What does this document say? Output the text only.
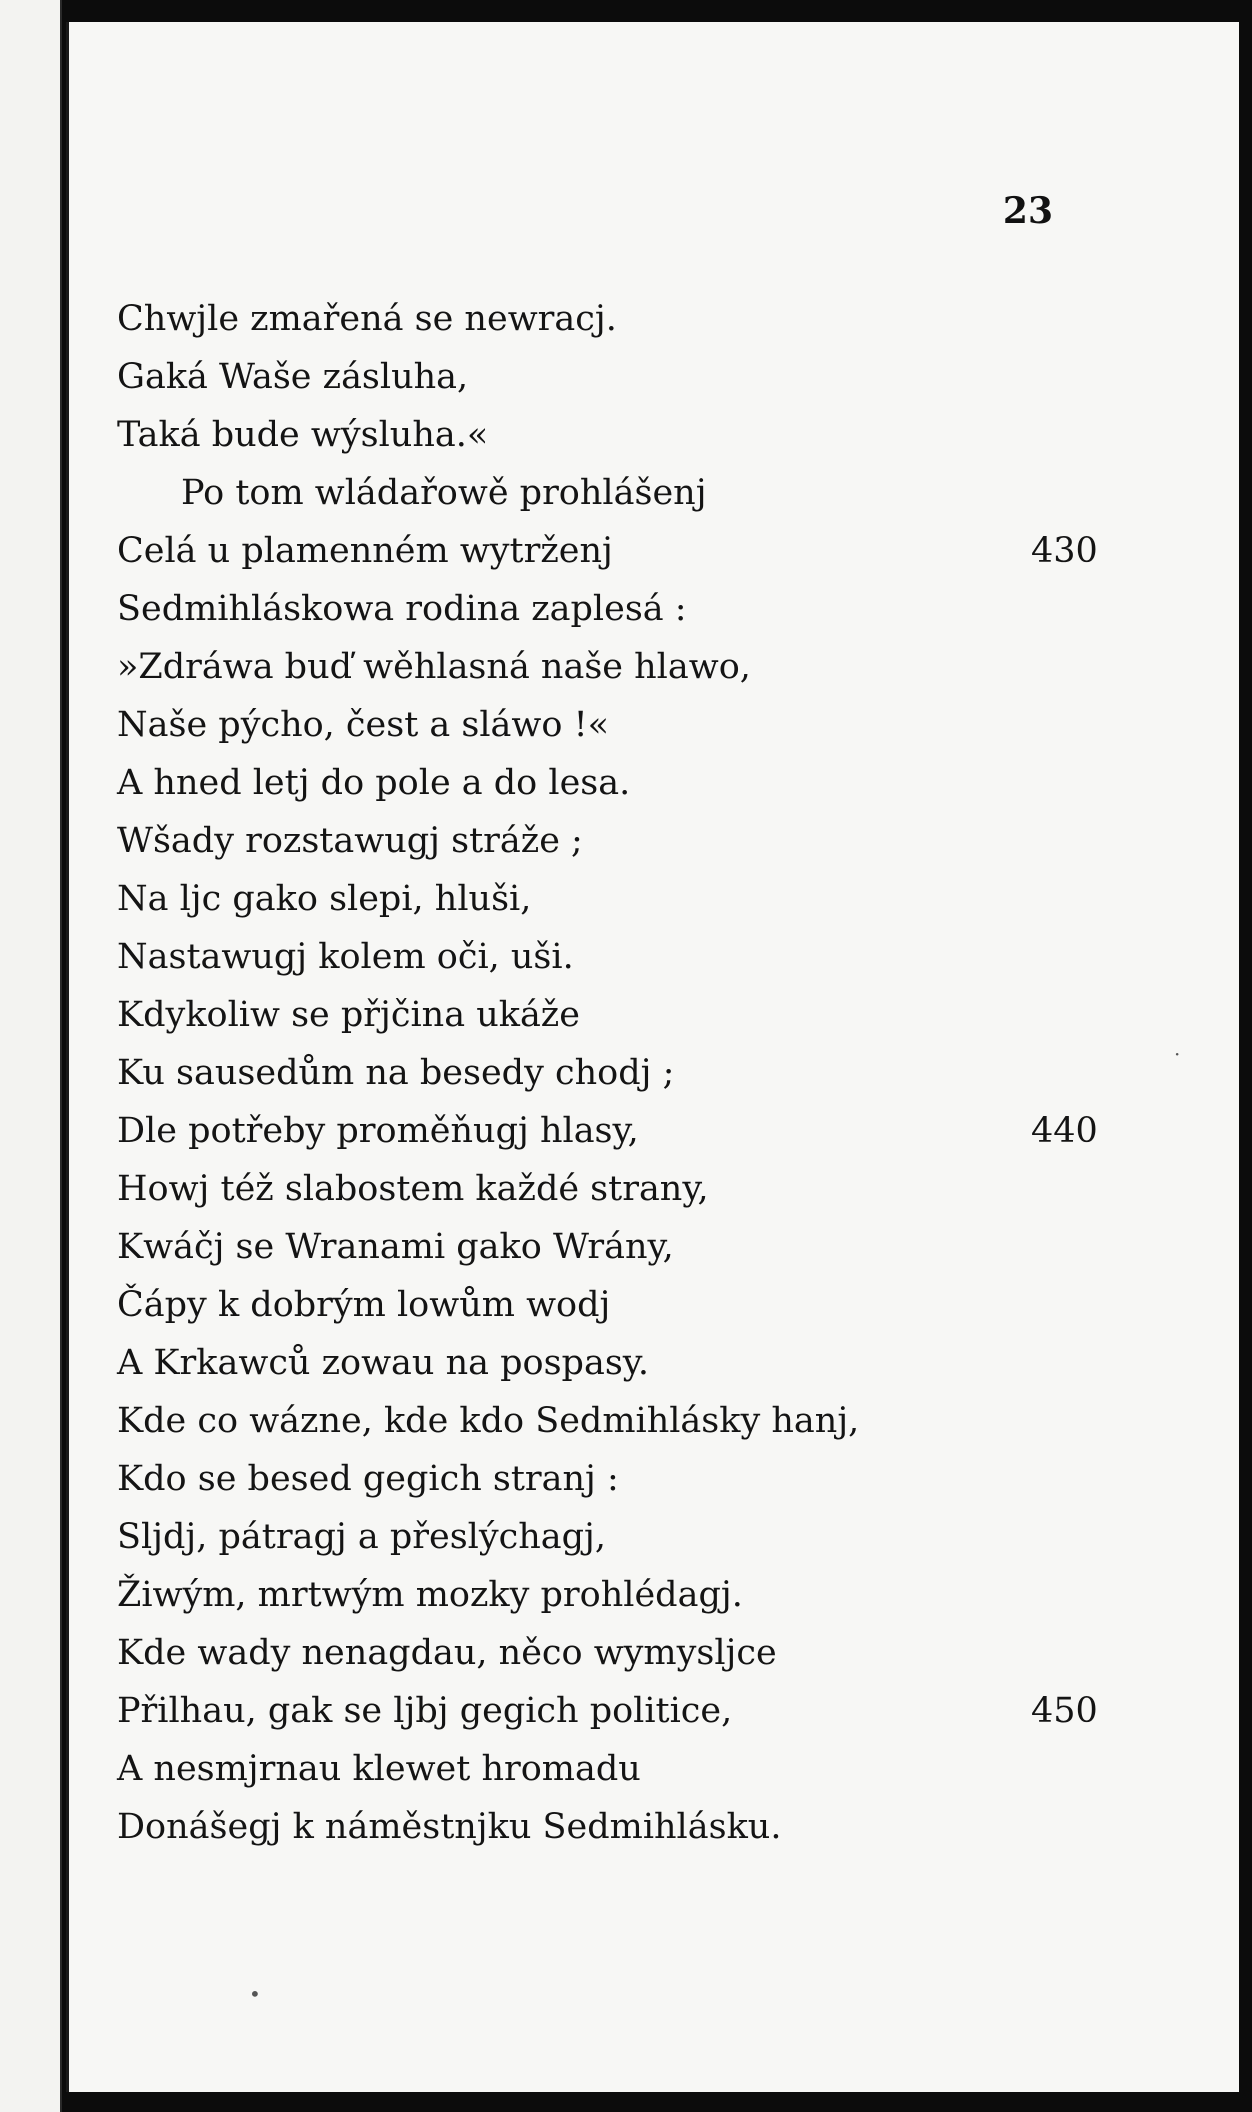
23

Chwjle zmařená se newracj.
Gaká Waše zásluha,
Taká bude wýsluha.«
Po tom wládařowě prohlášenj
Celá u plamenném wytrženj	430
Sedmihláskowa rodina zaplesá :
»Zdráwa buď wěhlasná naše hlawo,
Naše pýcho, čest a sláwo !«
A hned letj do pole a do lesa.
Wšady rozstawugj stráže ;
Na ljc gako slepi, hluši,
Nastawugj kolem oči, uši.
Kdykoliw se přjčina ukáže
Ku sausedům na besedy chodj ;
Dle potřeby proměňugj hlasy,	440
Howj též slabostem každé strany,
Kwáčj se Wranami gako Wrány,
Čápy k dobrým lowům wodj
A Krkawců zowau na pospasy.
Kde co wázne, kde kdo Sedmihlásky hanj,
Kdo se besed gegich stranj :
Sljdj, pátragj a přeslýchagj,
Žiwým, mrtwým mozky prohlédagj.
Kde wady nenagdau, něco wymysljce
Přilhau, gak se ljbj gegich politice,	450
A nesmjrnau klewet hromadu
Donášegj k náměstnjku Sedmihlásku.
•
·
